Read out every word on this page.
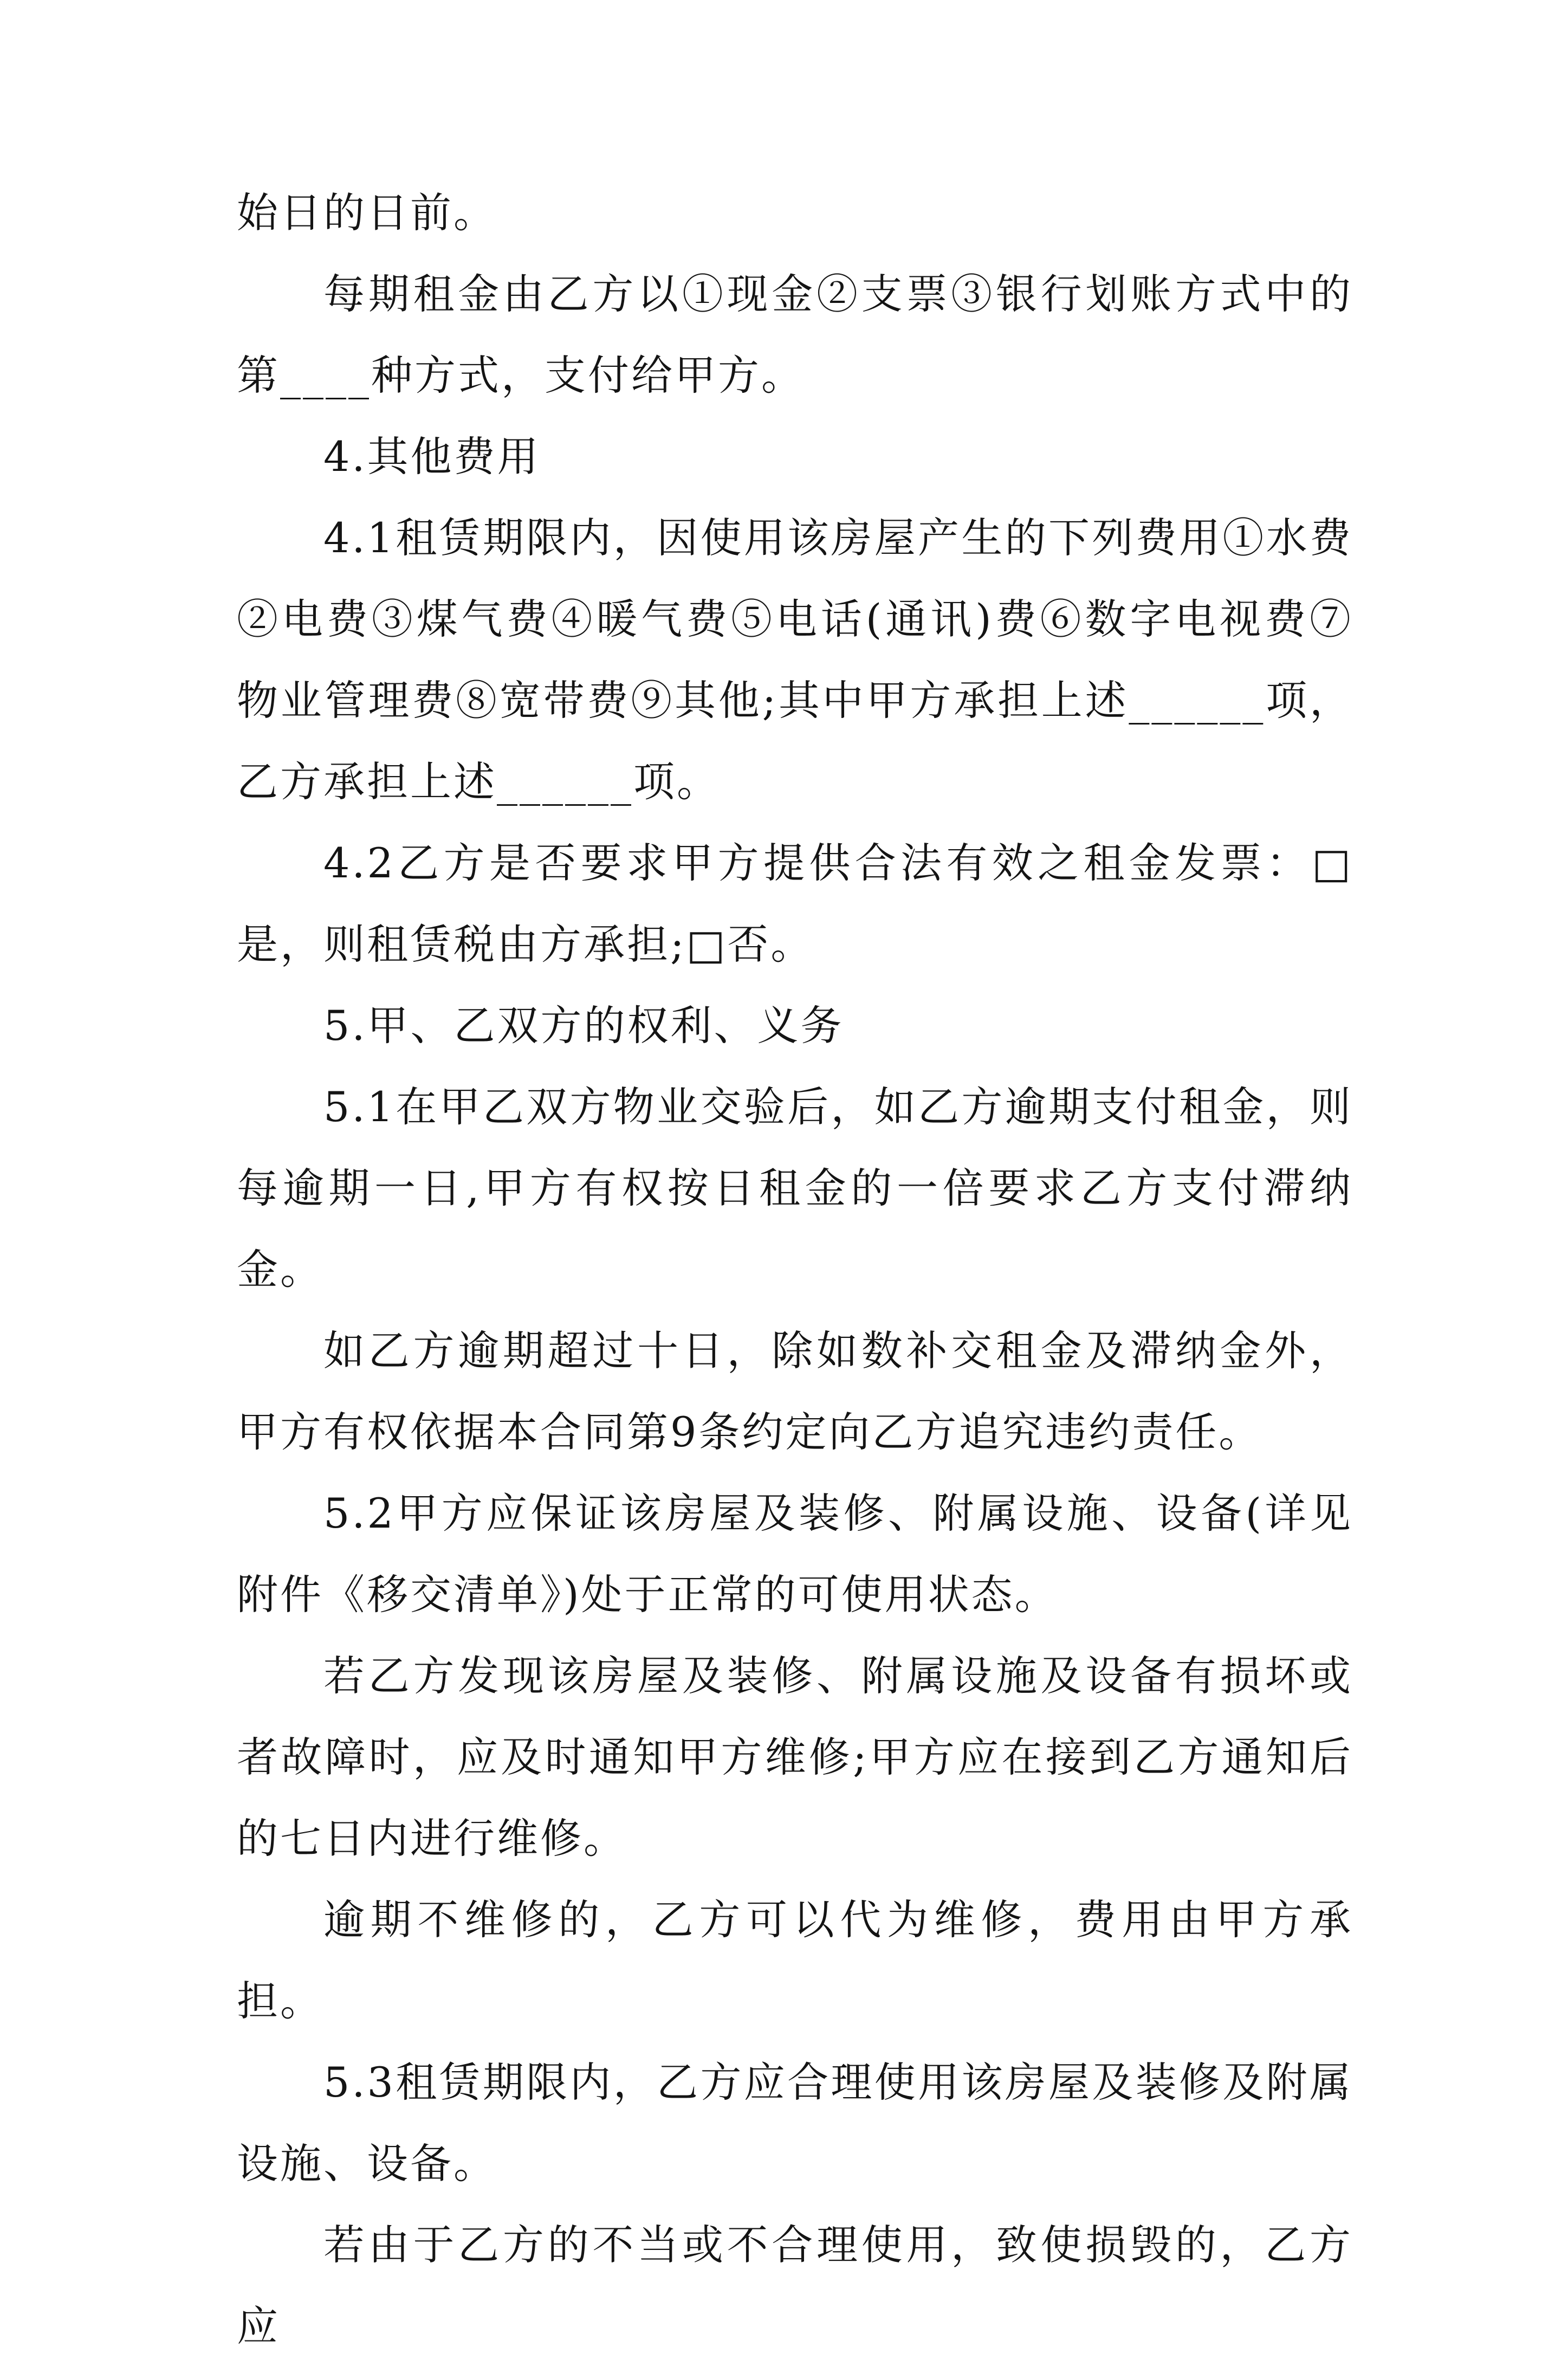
始日的日前。

每期租金由乙方以①现金②支票③银行划账方式中的第____种方式，支付给甲方。

4.其他费用

4.1租赁期限内，因使用该房屋产生的下列费用①水费②电费③煤气费④暖气费⑤电话(通讯)费⑥数字电视费⑦物业管理费⑧宽带费⑨其他;其中甲方承担上述______项，乙方承担上述______项。

4.2乙方是否要求甲方提供合法有效之租金发票：□是，则租赁税由方承担;□否。

5.甲、乙双方的权利、义务

5.1在甲乙双方物业交验后，如乙方逾期支付租金，则每逾期一日,甲方有权按日租金的一倍要求乙方支付滞纳金。

如乙方逾期超过十日，除如数补交租金及滞纳金外，甲方有权依据本合同第9条约定向乙方追究违约责任。

5.2甲方应保证该房屋及装修、附属设施、设备(详见附件《移交清单》)处于正常的可使用状态。

若乙方发现该房屋及装修、附属设施及设备有损坏或者故障时，应及时通知甲方维修;甲方应在接到乙方通知后的七日内进行维修。

逾期不维修的，乙方可以代为维修，费用由甲方承担。

5.3租赁期限内，乙方应合理使用该房屋及装修及附属设施、设备。

若由于乙方的不当或不合理使用，致使损毁的，乙方应
